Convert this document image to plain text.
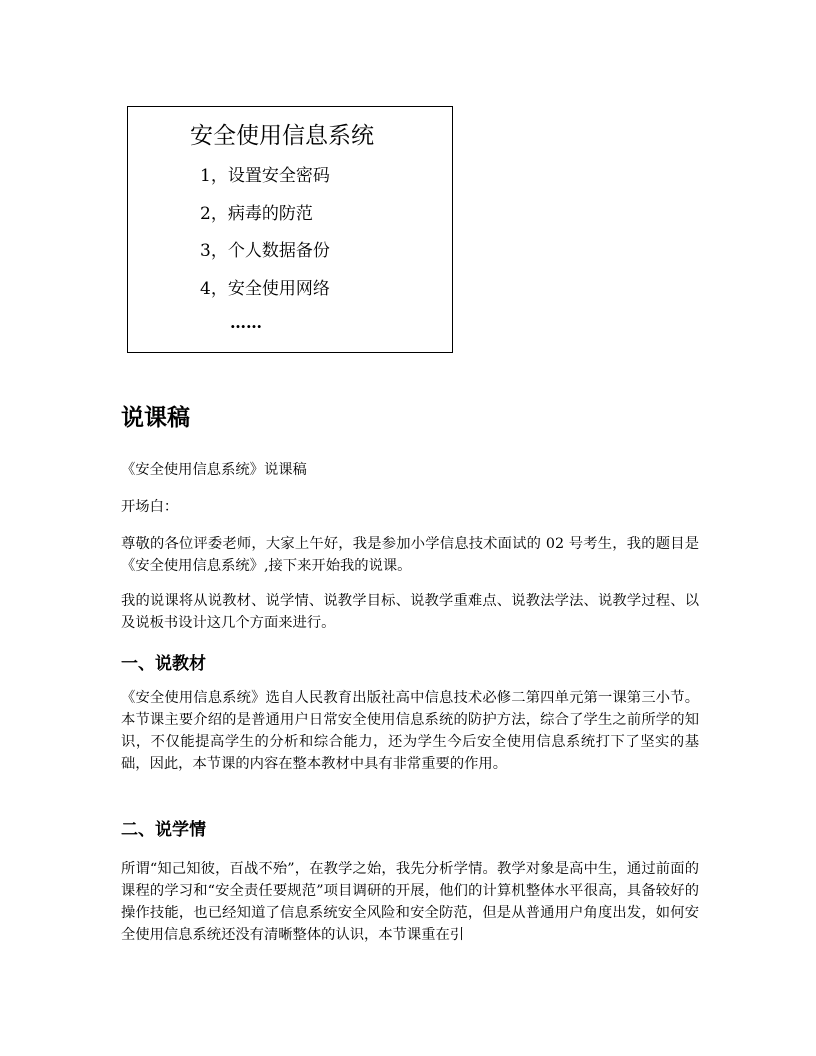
安全使用信息系统
1，设置安全密码
2，病毒的防范
3，个人数据备份
4，安全使用网络
……
说课稿

《安全使用信息系统》说课稿

开场白：

尊敬的各位评委老师，大家上午好，我是参加小学信息技术面试的 02 号考生，我的题目是《安全使用信息系统》,接下来开始我的说课。

我的说课将从说教材、说学情、说教学目标、说教学重难点、说教法学法、说教学过程、以及说板书设计这几个方面来进行。

一、说教材

《安全使用信息系统》选自人民教育出版社高中信息技术必修二第四单元第一课第三小节。本节课主要介绍的是普通用户日常安全使用信息系统的防护方法，综合了学生之前所学的知识，不仅能提高学生的分析和综合能力，还为学生今后安全使用信息系统打下了坚实的基础，因此，本节课的内容在整本教材中具有非常重要的作用。

二、说学情

所谓“知己知彼，百战不殆”，在教学之始，我先分析学情。教学对象是高中生，通过前面的课程的学习和“安全责任要规范”项目调研的开展，他们的计算机整体水平很高，具备较好的操作技能，也已经知道了信息系统安全风险和安全防范，但是从普通用户角度出发，如何安全使用信息系统还没有清晰整体的认识，本节课重在引
